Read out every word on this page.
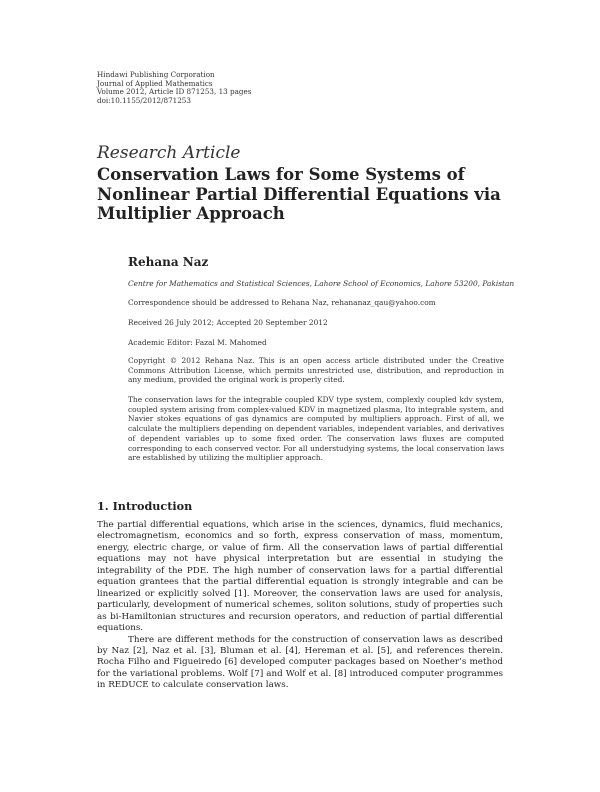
Hindawi Publishing Corporation
Journal of Applied Mathematics
Volume 2012, Article ID 871253, 13 pages
doi:10.1155/2012/871253
Research Article
Conservation Laws for Some Systems of
Nonlinear Partial Differential Equations via
Multiplier Approach
Rehana Naz
Centre for Mathematics and Statistical Sciences, Lahore School of Economics, Lahore 53200, Pakistan
Correspondence should be addressed to Rehana Naz, rehananaz_qau@yahoo.com
Received 26 July 2012; Accepted 20 September 2012
Academic Editor: Fazal M. Mahomed
Copyright © 2012 Rehana Naz. This is an open access article distributed under the Creative Commons Attribution License, which permits unrestricted use, distribution, and reproduction in any medium, provided the original work is properly cited.
The conservation laws for the integrable coupled KDV type system, complexly coupled kdv system, coupled system arising from complex-valued KDV in magnetized plasma, Ito integrable system, and Navier stokes equations of gas dynamics are computed by multipliers approach. First of all, we calculate the multipliers depending on dependent variables, independent variables, and derivatives of dependent variables up to some fixed order. The conservation laws fluxes are computed corresponding to each conserved vector. For all understudying systems, the local conservation laws are established by utilizing the multiplier approach.
1. Introduction

The partial differential equations, which arise in the sciences, dynamics, fluid mechanics, electromagnetism, economics and so forth, express conservation of mass, momentum, energy, electric charge, or value of firm. All the conservation laws of partial differential equations may not have physical interpretation but are essential in studying the integrability of the PDE. The high number of conservation laws for a partial differential equation grantees that the partial differential equation is strongly integrable and can be linearized or explicitly solved [1]. Moreover, the conservation laws are used for analysis, particularly, development of numerical schemes, soliton solutions, study of properties such as bi-Hamiltonian structures and recursion operators, and reduction of partial differential equations.

There are different methods for the construction of conservation laws as described by Naz [2], Naz et al. [3], Bluman et al. [4], Hereman et al. [5], and references therein. Rocha Filho and Figueiredo [6] developed computer packages based on Noether’s method for the variational problems. Wolf [7] and Wolf et al. [8] introduced computer programmes in REDUCE to calculate conservation laws.
